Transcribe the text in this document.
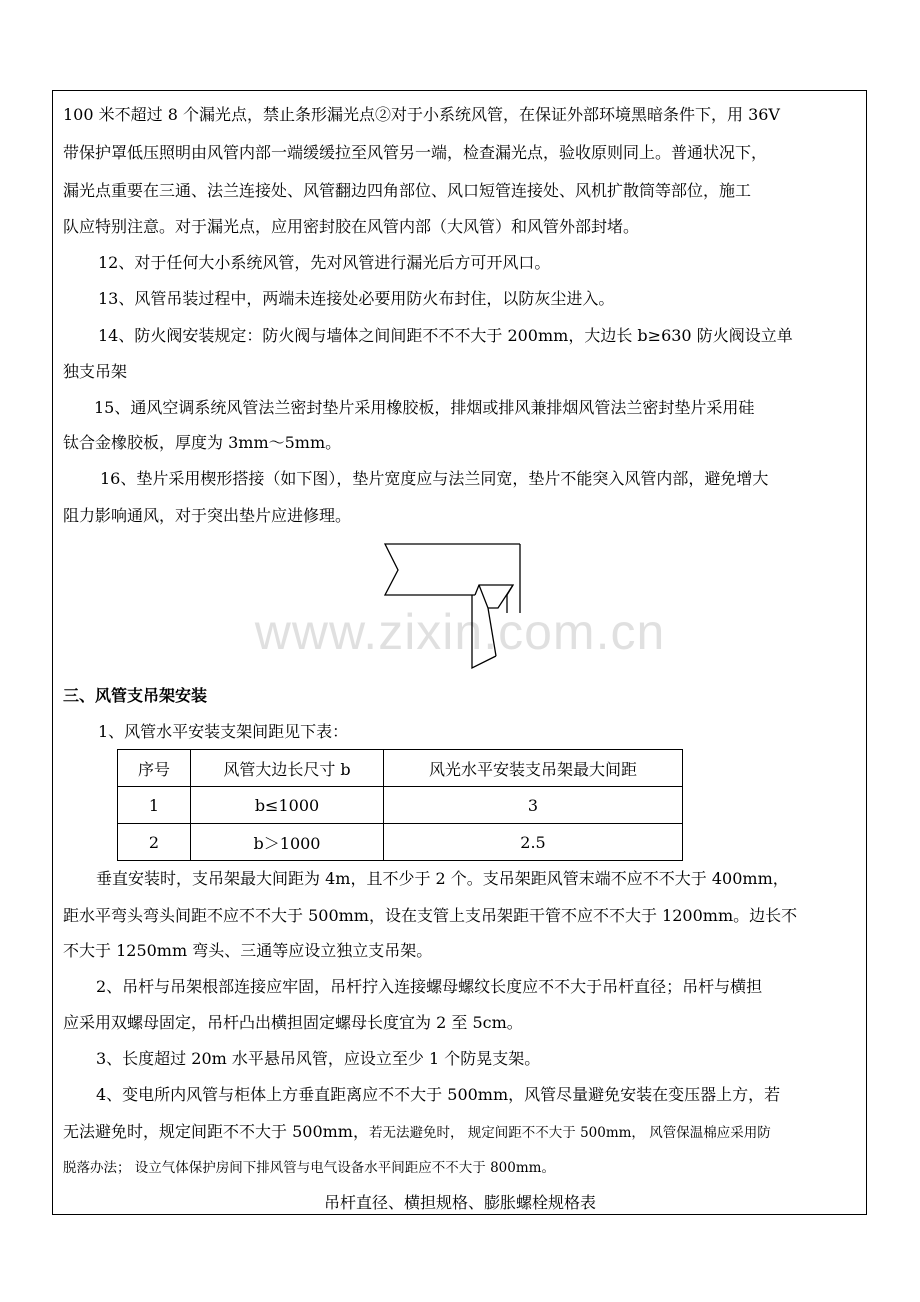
100 米不超过 8 个漏光点，禁止条形漏光点②对于小系统风管，在保证外部环境黑暗条件下，用 36V
带保护罩低压照明由风管内部一端缓缓拉至风管另一端，检查漏光点，验收原则同上。普通状况下，
漏光点重要在三通、法兰连接处、风管翻边四角部位、风口短管连接处、风机扩散筒等部位，施工
队应特别注意。对于漏光点，应用密封胶在风管内部（大风管）和风管外部封堵。
12、对于任何大小系统风管，先对风管进行漏光后方可开风口。
13、风管吊装过程中，两端未连接处必要用防火布封住，以防灰尘进入。
14、防火阀安装规定：防火阀与墙体之间间距不不不大于 200mm，大边长 b≥630 防火阀设立单
独支吊架
15、通风空调系统风管法兰密封垫片采用橡胶板，排烟或排风兼排烟风管法兰密封垫片采用硅
钛合金橡胶板，厚度为 3mm～5mm。
16、垫片采用楔形搭接（如下图），垫片宽度应与法兰同宽，垫片不能突入风管内部，避免增大
阻力影响通风，对于突出垫片应进修理。
www.zixin.com.cn
三、风管支吊架安装
1、风管水平安装支架间距见下表：
序号	风管大边长尺寸 b	风光水平安装支吊架最大间距
1	b≤1000	3
2	b＞1000	2.5
垂直安装时，支吊架最大间距为 4m，且不少于 2 个。支吊架距风管末端不应不不大于 400mm，
距水平弯头弯头间距不应不不大于 500mm，设在支管上支吊架距干管不应不不大于 1200mm。边长不
不大于 1250mm 弯头、三通等应设立独立支吊架。
2、吊杆与吊架根部连接应牢固，吊杆拧入连接螺母螺纹长度应不不大于吊杆直径；吊杆与横担
应采用双螺母固定，吊杆凸出横担固定螺母长度宜为 2 至 5cm。
3、长度超过 20m 水平悬吊风管，应设立至少 1 个防晃支架。
4、变电所内风管与柜体上方垂直距离应不不大于 500mm，风管尽量避免安装在变压器上方，若
无法避免时，规定间距不不大于 500mm，若无法避免时， 规定间距不不大于 500mm， 风管保温棉应采用防
脱落办法； 设立气体保护房间下排风管与电气设备水平间距应不不大于 800mm。
吊杆直径、横担规格、膨胀螺栓规格表
